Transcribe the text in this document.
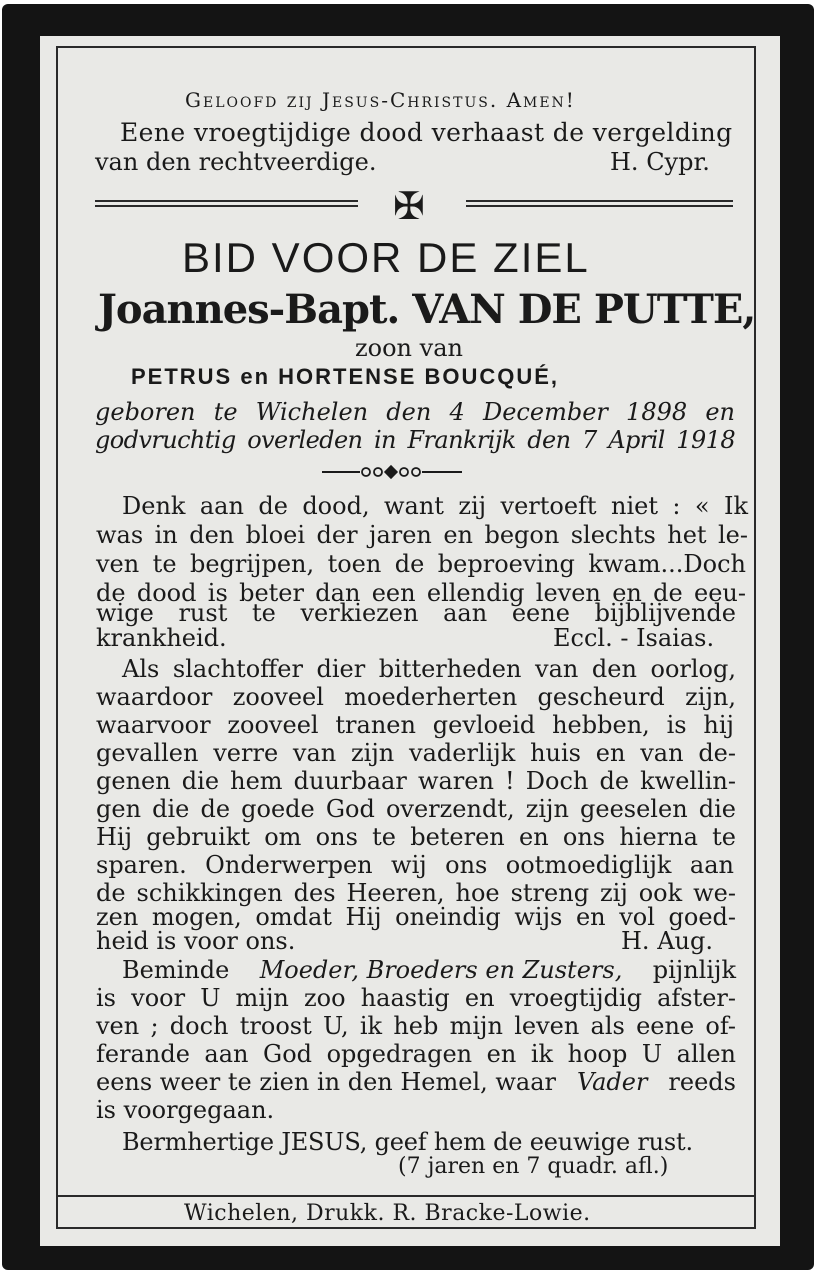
Geloofd zij Jesus-Christus. Amen!
Eene vroegtijdige dood verhaast de vergelding
van den rechtveerdige.	H. Cypr.
✠
BID VOOR DE ZIEL
Joannes-Bapt. VAN DE PUTTE,
zoon van
PETRUS en HORTENSE BOUCQUÉ,
geboren te Wichelen den 4 December 1898 en
godvruchtig overleden in Frankrijk den 7 April 1918
Denk aan de dood, want zij vertoeft niet : « Ik
was in den bloei der jaren en begon slechts het le-
ven te begrijpen, toen de beproeving kwam...Doch
de dood is beter dan een ellendig leven en de eeu-
wige rust te verkiezen aan eene bijblijvende
krankheid.	Eccl. - Isaias.
Als slachtoffer dier bitterheden van den oorlog,
waardoor zooveel moederherten gescheurd zijn,
waarvoor zooveel tranen gevloeid hebben, is hij
gevallen verre van zijn vaderlijk huis en van de-
genen die hem duurbaar waren ! Doch de kwellin-
gen die de goede God overzendt, zijn geeselen die
Hij gebruikt om ons te beteren en ons hierna te
sparen. Onderwerpen wij ons ootmoediglijk aan
de schikkingen des Heeren, hoe streng zij ook we-
zen mogen, omdat Hij oneindig wijs en vol goed-
heid is voor ons.	H. Aug.
Beminde Moeder, Broeders en Zusters, pijnlijk
is voor U mijn zoo haastig en vroegtijdig afster-
ven ; doch troost U, ik heb mijn leven als eene of-
ferande aan God opgedragen en ik hoop U allen
eens weer te zien in den Hemel, waar Vader reeds
is voorgegaan.
Bermhertige JESUS, geef hem de eeuwige rust.
(7 jaren en 7 quadr. afl.)
Wichelen, Drukk. R. Bracke-Lowie.
